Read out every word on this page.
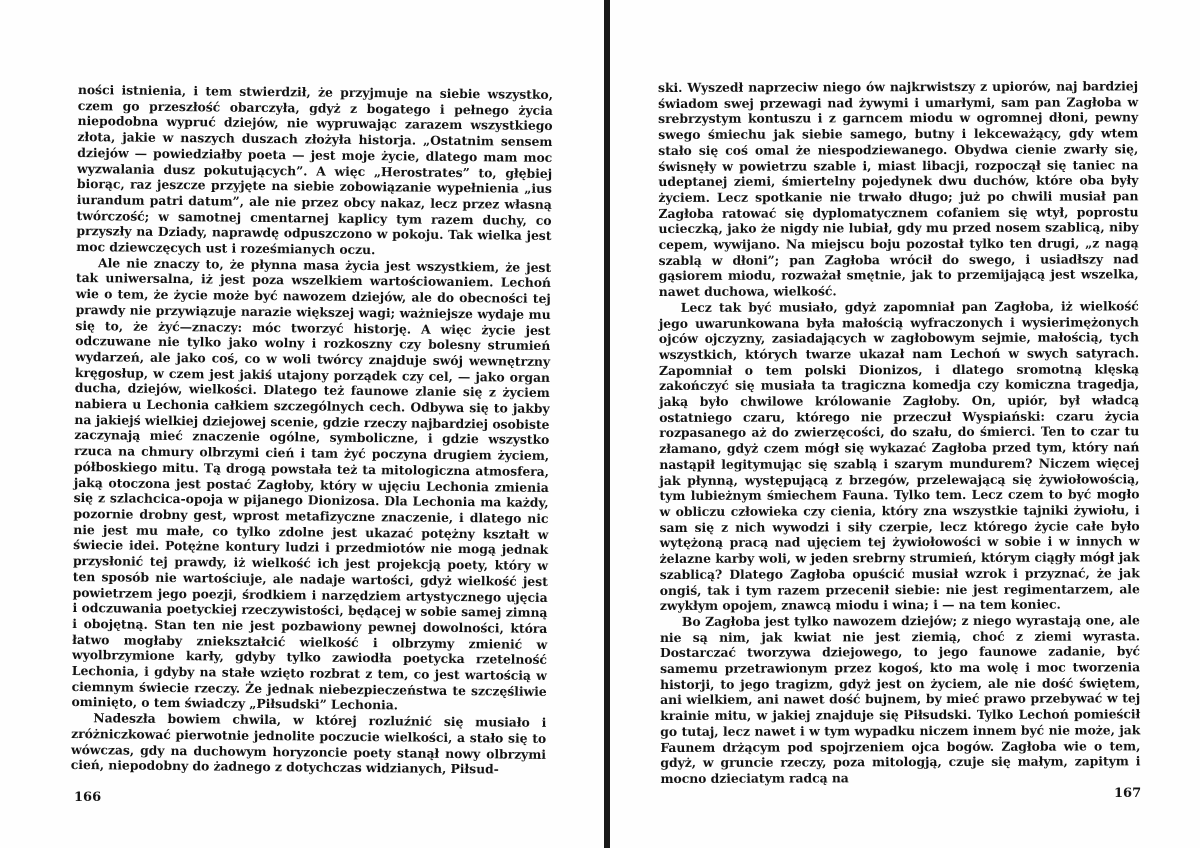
ności istnienia, i tem stwierdził, że przyjmuje na siebie wszystko, czem go przeszłość obarczyła, gdyż z bogatego i pełnego życia niepodobna wypruć dziejów, nie wypruwając zarazem wszystkiego złota, jakie w naszych duszach złożyła historja. „Ostatnim sensem dziejów — powiedziałby poeta — jest moje życie, dlatego mam moc wyzwalania dusz pokutujących”. A więc „Herostrates” to, głębiej biorąc, raz jeszcze przyjęte na siebie zobowiązanie wypełnienia „ius iurandum patri datum”, ale nie przez obcy nakaz, lecz przez własną twórczość; w samotnej cmentarnej kaplicy tym razem duchy, co przyszły na Dziady, naprawdę odpuszczono w pokoju. Tak wielka jest moc dziewczęcych ust i roześmianych oczu.

Ale nie znaczy to, że płynna masa życia jest wszystkiem, że jest tak uniwersalna, iż jest poza wszelkiem wartościowaniem. Lechoń wie o tem, że życie może być nawozem dziejów, ale do obecności tej prawdy nie przywiązuje narazie większej wagi; ważniejsze wydaje mu się to, że żyć—znaczy: móc tworzyć historję. A więc życie jest odczuwane nie tylko jako wolny i rozkoszny czy bolesny strumień wydarzeń, ale jako coś, co w woli twórcy znajduje swój wewnętrzny kręgosłup, w czem jest jakiś utajony porządek czy cel, — jako organ ducha, dziejów, wielkości. Dlatego też faunowe zlanie się z życiem nabiera u Lechonia całkiem szczególnych cech. Odbywa się to jakby na jakiejś wielkiej dziejowej scenie, gdzie rzeczy najbardziej osobiste zaczynają mieć znaczenie ogólne, symboliczne, i gdzie wszystko rzuca na chmury olbrzymi cień i tam żyć poczyna drugiem życiem, półboskiego mitu. Tą drogą powstała też ta mitologiczna atmosfera, jaką otoczona jest postać Zagłoby, który w ujęciu Lechonia zmienia się z szlachcica-opoja w pijanego Dionizosa. Dla Lechonia ma każdy, pozornie drobny gest, wprost metafizyczne znaczenie, i dlatego nic nie jest mu małe, co tylko zdolne jest ukazać potężny kształt w świecie idei. Potężne kontury ludzi i przedmiotów nie mogą jednak przysłonić tej prawdy, iż wielkość ich jest projekcją poety, który w ten sposób nie wartościuje, ale nadaje wartości, gdyż wielkość jest powietrzem jego poezji, środkiem i narzędziem artystycznego ujęcia i odczuwania poetyckiej rzeczywistości, będącej w sobie samej zimną i obojętną. Stan ten nie jest pozbawiony pewnej dowolności, która łatwo mogłaby zniekształcić wielkość i olbrzymy zmienić w wyolbrzymione karły, gdyby tylko zawiodła poetycka rzetelność Lechonia, i gdyby na stałe wzięto rozbrat z tem, co jest wartością w ciemnym świecie rzeczy. Że jednak niebezpieczeństwa te szczęśliwie ominięto, o tem świadczy „Piłsudski” Lechonia.

Nadeszła bowiem chwila, w której rozluźnić się musiało i zróżniczkować pierwotnie jednolite poczucie wielkości, a stało się to wówczas, gdy na duchowym horyzoncie poety stanął nowy olbrzymi cień, niepodobny do żadnego z dotychczas widzianych, Piłsud-

166

ski. Wyszedł naprzeciw niego ów najkrwistszy z upiorów, naj bardziej świadom swej przewagi nad żywymi i umarłymi, sam pan Zagłoba w srebrzystym kontuszu i z garncem miodu w ogromnej dłoni, pewny swego śmiechu jak siebie samego, butny i lekceważący, gdy wtem stało się coś omal że niespodziewanego. Obydwa cienie zwarły się, świsnęły w powietrzu szable i, miast libacji, rozpoczął się taniec na udeptanej ziemi, śmiertelny pojedynek dwu duchów, które oba były życiem. Lecz spotkanie nie trwało długo; już po chwili musiał pan Zagłoba ratować się dyplomatycznem cofaniem się wtył, poprostu ucieczką, jako że nigdy nie lubiał, gdy mu przed nosem szablicą, niby cepem, wywijano. Na miejscu boju pozostał tylko ten drugi, „z nagą szablą w dłoni”; pan Zagłoba wrócił do swego, i usiadłszy nad gąsiorem miodu, rozważał smętnie, jak to przemijającą jest wszelka, nawet duchowa, wielkość.

Lecz tak być musiało, gdyż zapomniał pan Zagłoba, iż wielkość jego uwarunkowana była małością wyfraczonych i wysierimężonych ojców ojczyzny, zasiadających w zagłobowym sejmie, małością, tych wszystkich, których twarze ukazał nam Lechoń w swych satyrach. Zapomniał o tem polski Dionizos, i dlatego sromotną klęską zakończyć się musiała ta tragiczna komedja czy komiczna tragedja, jaką było chwilowe królowanie Zagłoby. On, upiór, był władcą ostatniego czaru, którego nie przeczuł Wyspiański: czaru życia rozpasanego aż do zwierzęcości, do szału, do śmierci. Ten to czar tu złamano, gdyż czem mógł się wykazać Zagłoba przed tym, który nań nastąpił legitymując się szablą i szarym mundurem? Niczem więcej jak płynną, występującą z brzegów, przelewającą się żywiołowością, tym lubieżnym śmiechem Fauna. Tylko tem. Lecz czem to być mogło w obliczu człowieka czy cienia, który zna wszystkie tajniki żywiołu, i sam się z nich wywodzi i siły czerpie, lecz którego życie całe było wytężoną pracą nad ujęciem tej żywiołowości w sobie i w innych w żelazne karby woli, w jeden srebrny strumień, którym ciągły mógł jak szablicą? Dlatego Zagłoba opuścić musiał wzrok i przyznać, że jak ongiś, tak i tym razem przecenił siebie: nie jest regimentarzem, ale zwykłym opojem, znawcą miodu i wina; i — na tem koniec.

Bo Zagłoba jest tylko nawozem dziejów; z niego wyrastają one, ale nie są nim, jak kwiat nie jest ziemią, choć z ziemi wyrasta. Dostarczać tworzywa dziejowego, to jego faunowe zadanie, być samemu przetrawionym przez kogoś, kto ma wolę i moc tworzenia historji, to jego tragizm, gdyż jest on życiem, ale nie dość świętem, ani wielkiem, ani nawet dość bujnem, by mieć prawo przebywać w tej krainie mitu, w jakiej znajduje się Piłsudski. Tylko Lechoń pomieścił go tutaj, lecz nawet i w tym wypadku niczem innem być nie może, jak Faunem drżącym pod spojrzeniem ojca bogów. Zagłoba wie o tem, gdyż, w gruncie rzeczy, poza mitologją, czuje się małym, zapitym i mocno dzieciatym radcą na

167
